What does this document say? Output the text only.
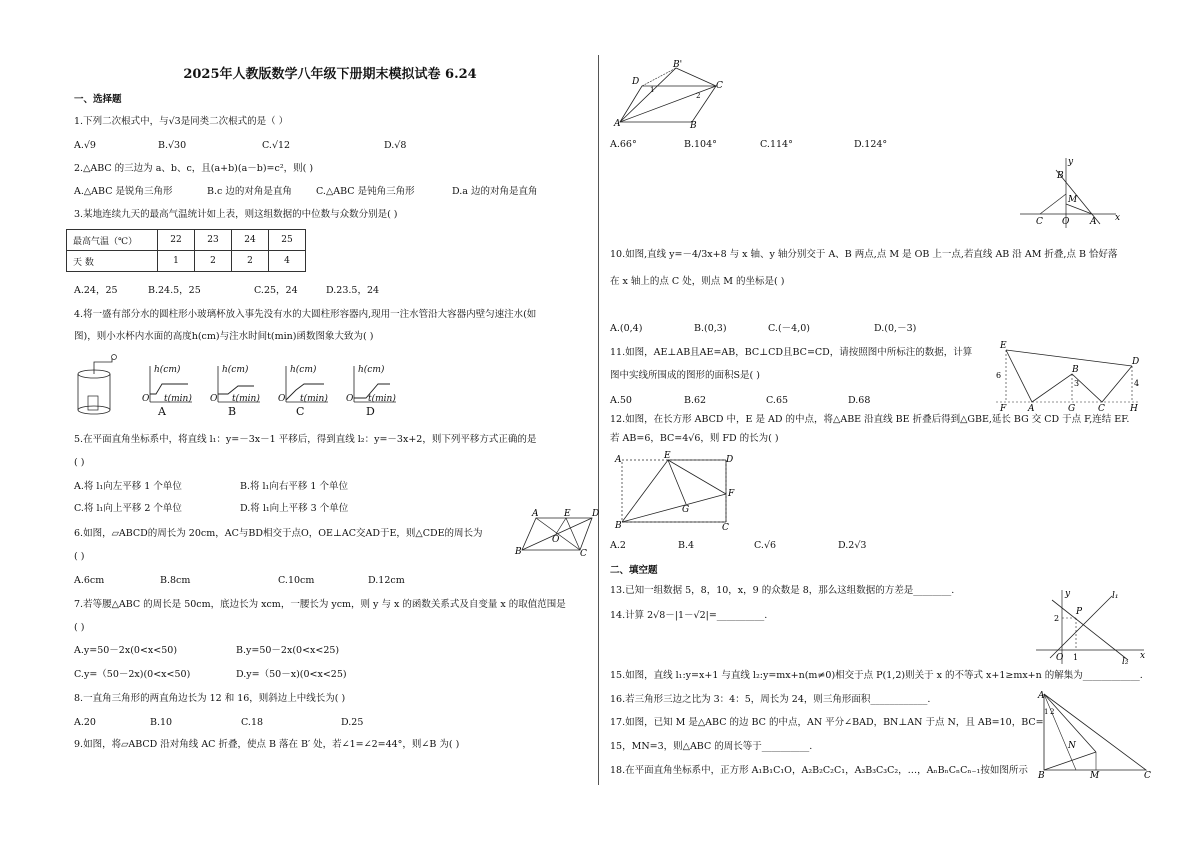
2025年人教版数学八年级下册期末模拟试卷 6.24
一、选择题
1.下列二次根式中，与√3是同类二次根式的是（ ）
A.√9	B.√30	C.√12	D.√8
2.△ABC 的三边为 a、b、c，且(a+b)(a－b)=c²，则( )
A.△ABC 是锐角三角形	B.c 边的对角是直角	C.△ABC 是钝角三角形	D.a 边的对角是直角
3.某地连续九天的最高气温统计如上表，则这组数据的中位数与众数分别是( )
最高气温（℃）	22	23	24	25
天 数	1	2	2	4
A.24，25	B.24.5，25	C.25，24	D.23.5，24
4.将一盛有部分水的圆柱形小玻璃杯放入事先没有水的大圆柱形容器内,现用一注水管沿大容器内壁匀速注水(如
图)，则小水杯内水面的高度h(cm)与注水时间t(min)函数图象大致为( )
h(cm)	h(cm)	h(cm)	h(cm)
O	O	O	O
t(min)	t(min)	t(min)	t(min)
A	B	C	D
5.在平面直角坐标系中，将直线 l₁：y=－3x－1 平移后，得到直线 l₂：y=－3x+2，则下列平移方式正确的是
( )
A.将 l₁向左平移 1 个单位	B.将 l₁向右平移 1 个单位
C.将 l₁向上平移 2 个单位	D.将 l₁向上平移 3 个单位
6.如图，▱ABCD的周长为 20cm，AC与BD相交于点O，OE⊥AC交AD于E，则△CDE的周长为
( )
A	E D
O
B	C
A.6cm	B.8cm	C.10cm	D.12cm
7.若等腰△ABC 的周长是 50cm，底边长为 xcm，一腰长为 ycm，则 y 与 x 的函数关系式及自变量 x 的取值范围是
( )
A.y=50－2x(0<x<50)	B.y=50－2x(0<x<25)
C.y=（50－2x)(0<x<50)	D.y=（50－x)(0<x<25)
8.一直角三角形的两直角边长为 12 和 16，则斜边上中线长为( )
A.20	B.10	C.18	D.25
9.如图，将▱ABCD 沿对角线 AC 折叠，使点 B 落在 B′ 处，若∠1=∠2=44°，则∠B 为( )
D
B'
C
A	B
1
2
A.66°	B.104°	C.114°	D.124°
y
x
B
M
C O A
10.如图,直线 y=－4/3x+8 与 x 轴、y 轴分别交于 A、B 两点,点 M 是 OB 上一点,若直线 AB 沿 AM 折叠,点 B 恰好落
在 x 轴上的点 C 处，则点 M 的坐标是( )
A.(0,4)	B.(0,3)	C.(－4,0)	D.(0,－3)
11.如图，AE⊥AB且AE=AB，BC⊥CD且BC=CD，请按照图中所标注的数据，计算
图中实线所围成的图形的面积S是( )
E
D
6
3	4
B
F A	G	C	H
A.50	B.62	C.65	D.68
12.如图，在长方形 ABCD 中，E 是 AD 的中点，将△ABE 沿直线 BE 折叠后得到△GBE,延长 BG 交 CD 于点 F,连结 EF.
若 AB=6，BC=4√6，则 FD 的长为( )
A	E	D
F
G
B	C
A.2	B.4	C.√6	D.2√3
二、填空题
13.已知一组数据 5，8，10，x，9 的众数是 8，那么这组数据的方差是________.
14.计算 2√8－|1－√2|=__________.
y
x
2
P
O 1
l₁
l₂
15.如图，直线 l₁:y=x+1 与直线 l₂:y=mx+n(m≠0)相交于点 P(1,2)则关于 x 的不等式 x+1≥mx+n 的解集为____________.
16.若三角形三边之比为 3：4：5，周长为 24，则三角形面积____________.	A
1 2
N
B	M	C
17.如图，已知 M 是△ABC 的边 BC 的中点，AN 平分∠BAD，BN⊥AN 于点 N，且 AB=10，BC=
15，MN=3，则△ABC 的周长等于__________.
18.在平面直角坐标系中，正方形 A₁B₁C₁O，A₂B₂C₂C₁，A₃B₃C₃C₂，…，AₙBₙCₙCₙ₋₁按如图所示
